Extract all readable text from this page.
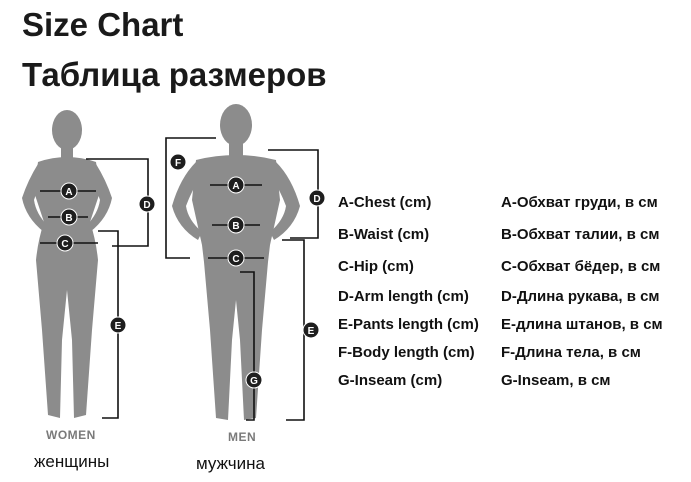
Size Chart
Таблица размеров
A
B
C
D
E
F
A
B
C
D
E
G
WOMEN
женщины
MEN
мужчина
A-Chest (cm)
B-Waist (cm)
C-Hip (cm)
D-Arm length (cm)
E-Pants length (cm)
F-Body length (cm)
G-Inseam (cm)
A-Обхват груди, в см
B-Обхват талии, в см
C-Обхват бёдер, в см
D-Длина рукава, в см
E-длина штанов, в см
F-Длина тела, в см
G-Inseam, в см
